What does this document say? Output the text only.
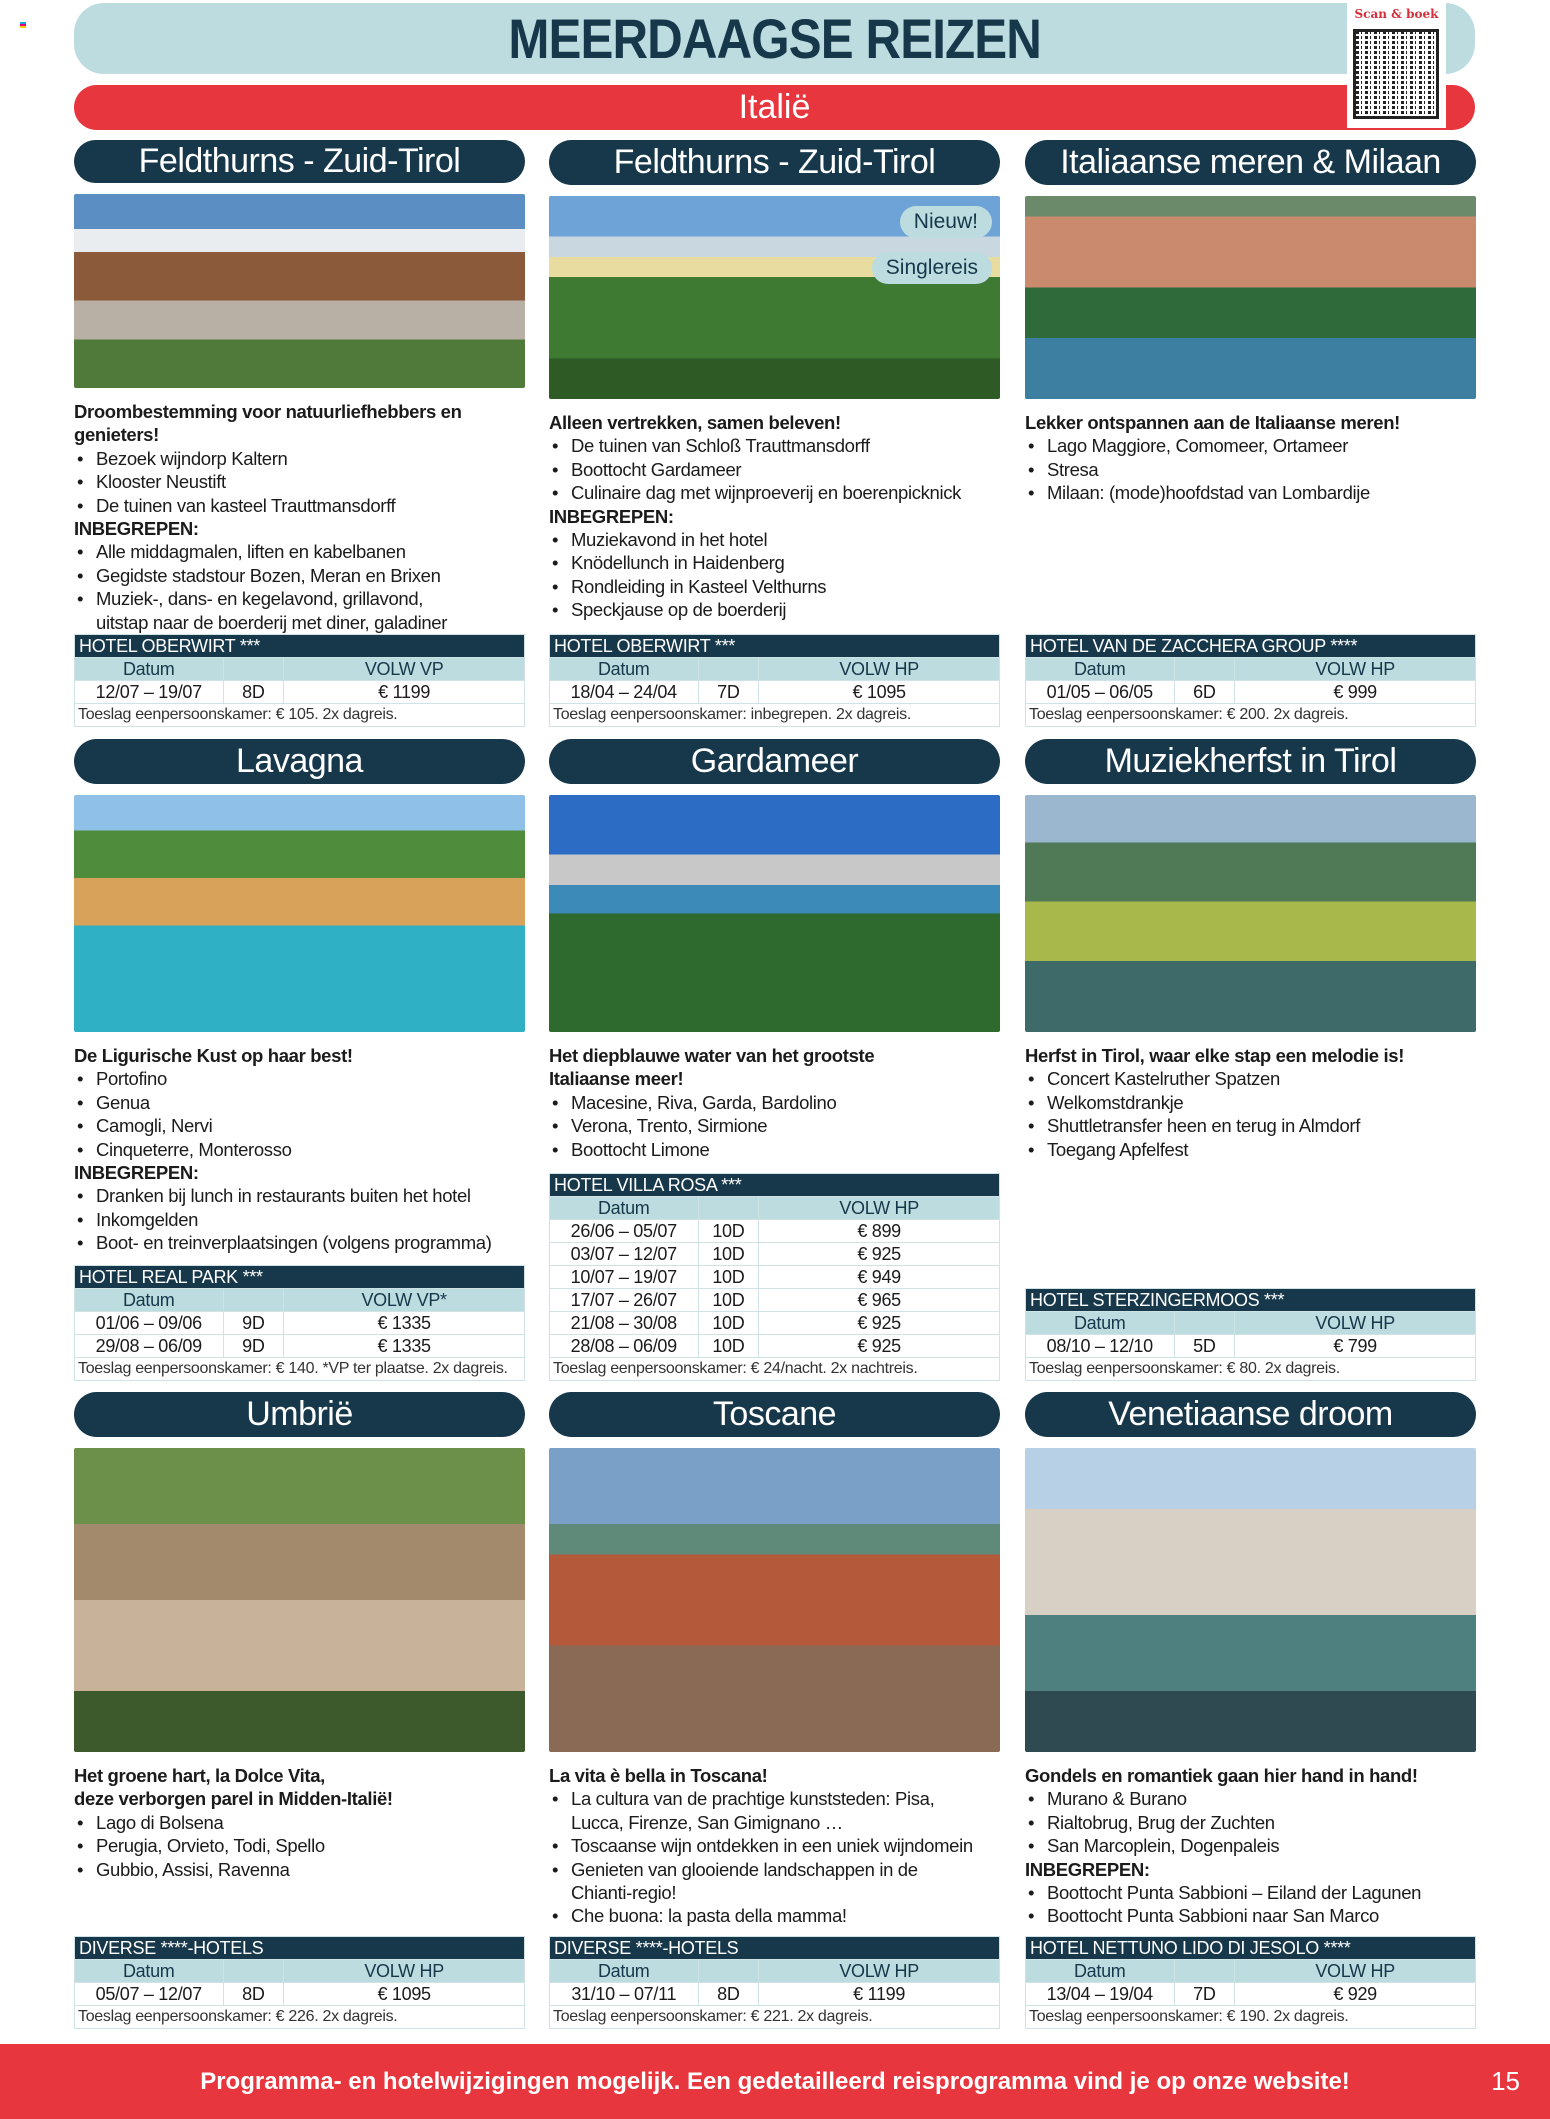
MEERDAAGSE REIZEN
Italië
Scan & boek
Feldthurns - Zuid-Tirol
Droombestemming voor natuurliefhebbers en genieters!
• Bezoek wijndorp Kaltern
• Klooster Neustift
• De tuinen van kasteel Trauttmansdorff
INBEGREPEN:
• Alle middagmalen, liften en kabelbanen
• Gegidste stadstour Bozen, Meran en Brixen
• Muziek-, dans- en kegelavond, grillavond,
uitstap naar de boerderij met diner, galadiner
HOTEL OBERWIRT ***		
Datum		VOLW VP
12/07 – 19/07	8D	€ 1199
Toeslag eenpersoonskamer: € 105. 2x dagreis.		
Feldthurns - Zuid-Tirol
Nieuw!
Singlereis
Alleen vertrekken, samen beleven!
• De tuinen van Schloß Trauttmansdorff
• Boottocht Gardameer
• Culinaire dag met wijnproeverij en boerenpicknick
INBEGREPEN:
• Muziekavond in het hotel
• Knödellunch in Haidenberg
• Rondleiding in Kasteel Velthurns
• Speckjause op de boerderij
HOTEL OBERWIRT ***		
Datum		VOLW HP
18/04 – 24/04	7D	€ 1095
Toeslag eenpersoonskamer: inbegrepen. 2x dagreis.		
Italiaanse meren & Milaan
Lekker ontspannen aan de Italiaanse meren!
• Lago Maggiore, Comomeer, Ortameer
• Stresa
• Milaan: (mode)hoofdstad van Lombardije
HOTEL VAN DE ZACCHERA GROUP ****		
Datum		VOLW HP
01/05 – 06/05	6D	€ 999
Toeslag eenpersoonskamer: € 200. 2x dagreis.		
Lavagna
De Ligurische Kust op haar best!
• Portofino
• Genua
• Camogli, Nervi
• Cinqueterre, Monterosso
INBEGREPEN:
• Dranken bij lunch in restaurants buiten het hotel
• Inkomgelden
• Boot- en treinverplaatsingen (volgens programma)
HOTEL REAL PARK ***		
Datum		VOLW VP*
01/06 – 09/06	9D	€ 1335
29/08 – 06/09	9D	€ 1335
Toeslag eenpersoonskamer: € 140. *VP ter plaatse. 2x dagreis.		
Gardameer
Het diepblauwe water van het grootste
Italiaanse meer!
• Macesine, Riva, Garda, Bardolino
• Verona, Trento, Sirmione
• Boottocht Limone
HOTEL VILLA ROSA ***		
Datum		VOLW HP
26/06 – 05/07	10D	€ 899
03/07 – 12/07	10D	€ 925
10/07 – 19/07	10D	€ 949
17/07 – 26/07	10D	€ 965
21/08 – 30/08	10D	€ 925
28/08 – 06/09	10D	€ 925
Toeslag eenpersoonskamer: € 24/nacht. 2x nachtreis.		
Muziekherfst in Tirol
Herfst in Tirol, waar elke stap een melodie is!
• Concert Kastelruther Spatzen
• Welkomstdrankje
• Shuttletransfer heen en terug in Almdorf
• Toegang Apfelfest
HOTEL STERZINGERMOOS ***		
Datum		VOLW HP
08/10 – 12/10	5D	€ 799
Toeslag eenpersoonskamer: € 80. 2x dagreis.		
Umbrië
Het groene hart, la Dolce Vita,
deze verborgen parel in Midden-Italië!
• Lago di Bolsena
• Perugia, Orvieto, Todi, Spello
• Gubbio, Assisi, Ravenna
DIVERSE ****-HOTELS		
Datum		VOLW HP
05/07 – 12/07	8D	€ 1095
Toeslag eenpersoonskamer: € 226. 2x dagreis.		
Toscane
La vita è bella in Toscana!
• La cultura van de prachtige kunststeden: Pisa,
Lucca, Firenze, San Gimignano …
• Toscaanse wijn ontdekken in een uniek wijndomein
• Genieten van glooiende landschappen in de
Chianti-regio!
• Che buona: la pasta della mamma!
DIVERSE ****-HOTELS		
Datum		VOLW HP
31/10 – 07/11	8D	€ 1199
Toeslag eenpersoonskamer: € 221. 2x dagreis.		
Venetiaanse droom
Gondels en romantiek gaan hier hand in hand!
• Murano & Burano
• Rialtobrug, Brug der Zuchten
• San Marcoplein, Dogenpaleis
INBEGREPEN:
• Boottocht Punta Sabbioni – Eiland der Lagunen
• Boottocht Punta Sabbioni naar San Marco
HOTEL NETTUNO LIDO DI JESOLO ****		
Datum		VOLW HP
13/04 – 19/04	7D	€ 929
Toeslag eenpersoonskamer: € 190. 2x dagreis.		
Programma- en hotelwijzigingen mogelijk. Een gedetailleerd reisprogramma vind je op onze website!	15
